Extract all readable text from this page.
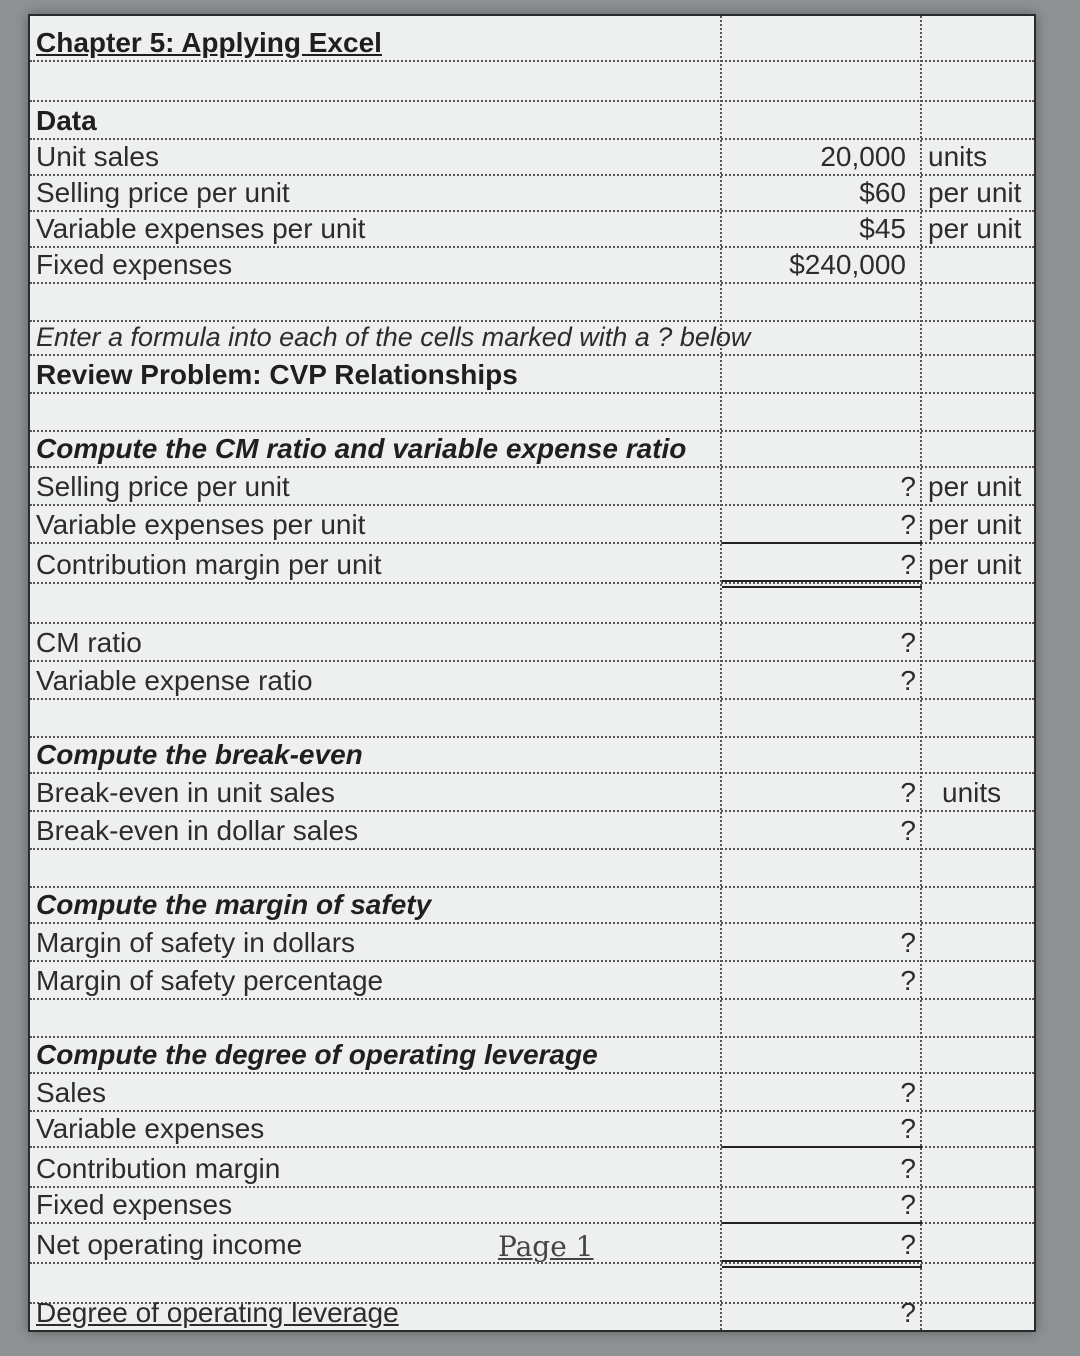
Chapter 5: Applying Excel
Data
Unit sales	20,000 units
Selling price per unit	$60 per unit
Variable expenses per unit	$45 per unit
Fixed expenses	$240,000
Enter a formula into each of the cells marked with a ? below
Review Problem: CVP Relationships
Compute the CM ratio and variable expense ratio
Selling price per unit	? per unit
Variable expenses per unit	? per unit
Contribution margin per unit	? per unit
CM ratio	?
Variable expense ratio	?
Compute the break-even
Break-even in unit sales	? units
Break-even in dollar sales	?
Compute the margin of safety
Margin of safety in dollars	?
Margin of safety percentage	?
Compute the degree of operating leverage
Sales	?
Variable expenses	?
Contribution margin	?
Fixed expenses	?
Net operating income	?
Page 1
Degree of operating leverage	?
